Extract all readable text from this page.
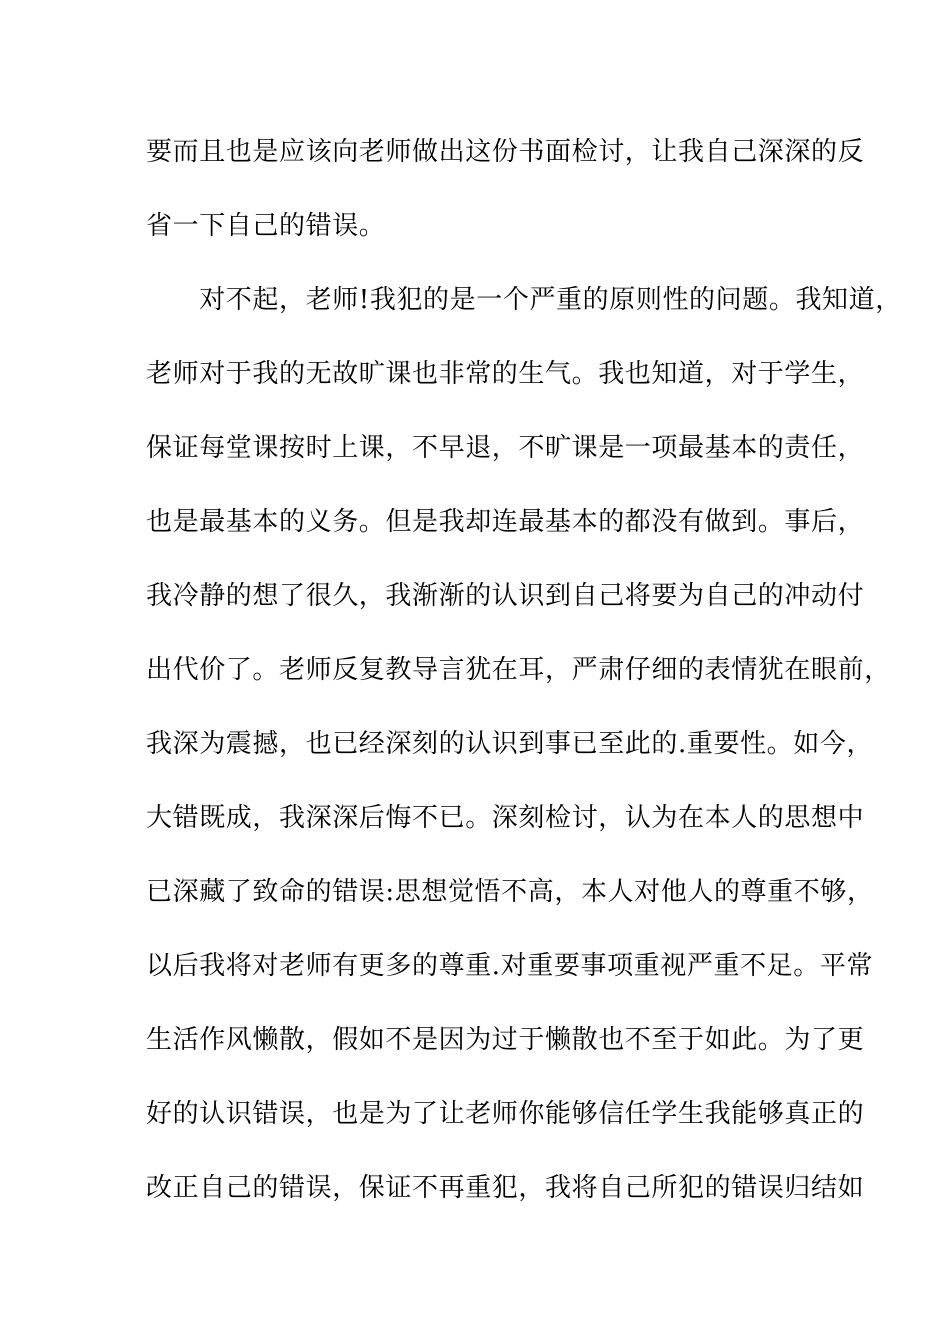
要而且也是应该向老师做出这份书面检讨，让我自己深深的反
省一下自己的错误。
　　对不起，老师!我犯的是一个严重的原则性的问题。我知道，
老师对于我的无故旷课也非常的生气。我也知道，对于学生，
保证每堂课按时上课，不早退，不旷课是一项最基本的责任，
也是最基本的义务。但是我却连最基本的都没有做到。事后，
我冷静的想了很久，我渐渐的认识到自己将要为自己的冲动付
出代价了。老师反复教导言犹在耳，严肃仔细的表情犹在眼前，
我深为震撼，也已经深刻的认识到事已至此的.重要性。如今，
大错既成，我深深后悔不已。深刻检讨，认为在本人的思想中
已深藏了致命的错误:思想觉悟不高，本人对他人的尊重不够，
以后我将对老师有更多的尊重.对重要事项重视严重不足。平常
生活作风懒散，假如不是因为过于懒散也不至于如此。为了更
好的认识错误，也是为了让老师你能够信任学生我能够真正的
改正自己的错误，保证不再重犯，我将自己所犯的错误归结如
